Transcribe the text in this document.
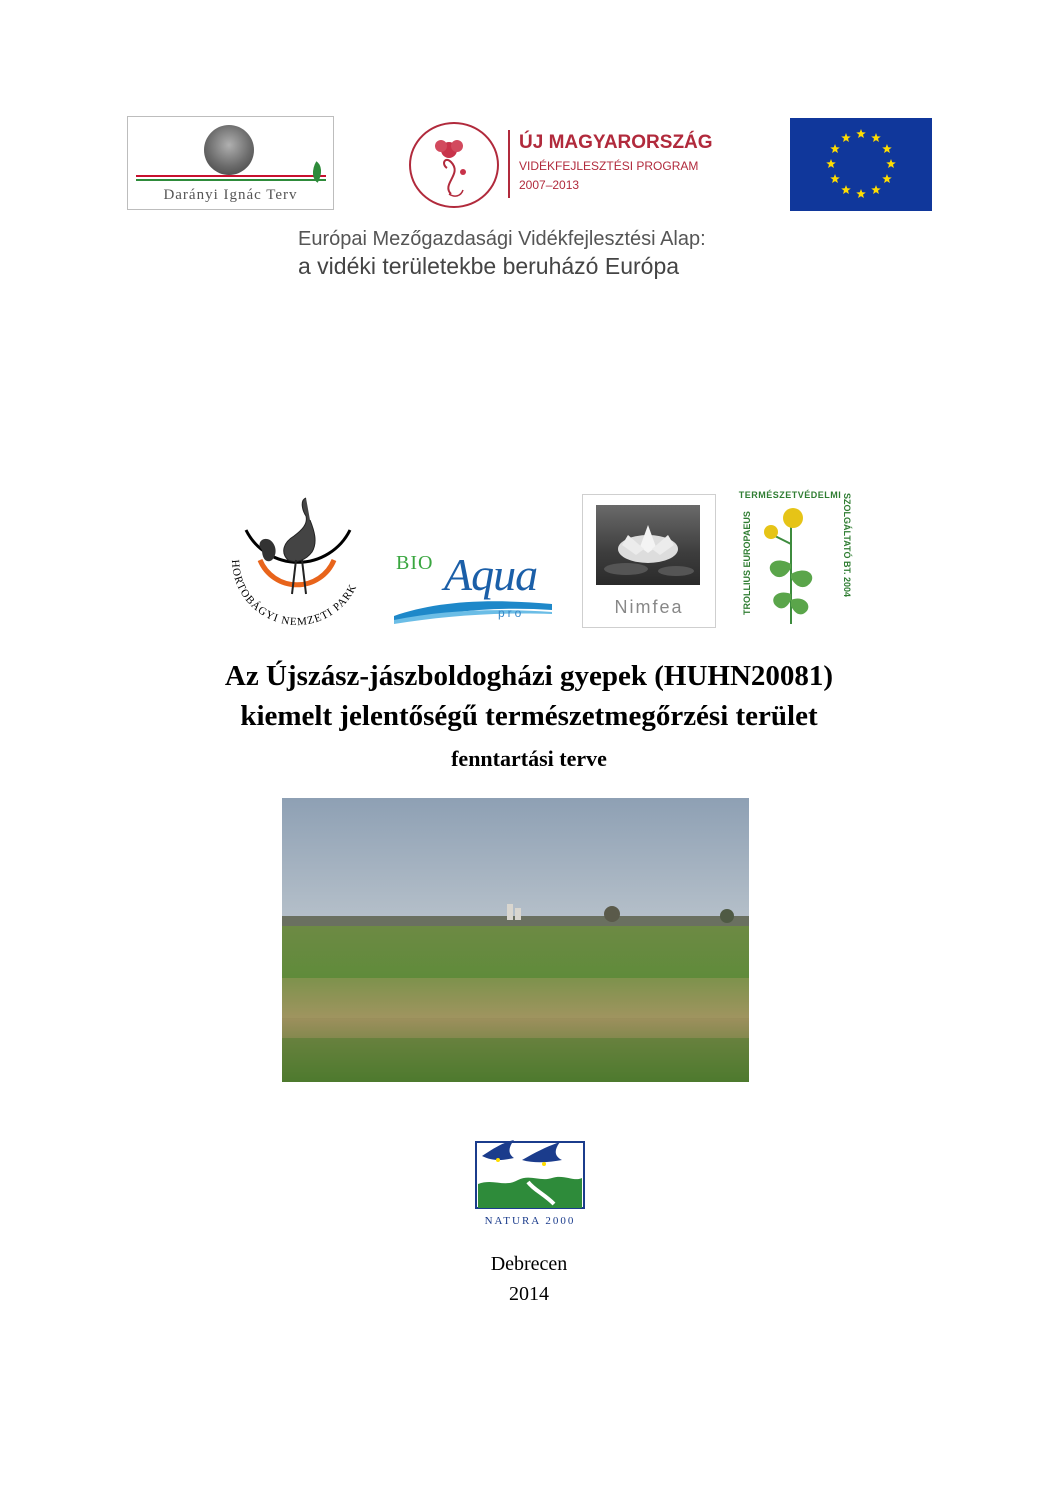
Darányi Ignác Terv
ÚJ MAGYARORSZÁG
VIDÉKFEJLESZTÉSI PROGRAM
2007–2013
Európai Mezőgazdasági Vidékfejlesztési Alap:
a vidéki területekbe beruházó Európa
HORTOBÁGYI NEMZETI PARK
BIO Aqua
pro	Nimfea
TERMÉSZETVÉDELMI
TROLLIUS EUROPAEUS	SZOLGÁLTATÓ BT. 2004
Az Újszász-jászboldogházi gyepek (HUHN20081)
kiemelt jelentőségű természetmegőrzési terület
fenntartási terve
NATURA 2000
Debrecen
2014
